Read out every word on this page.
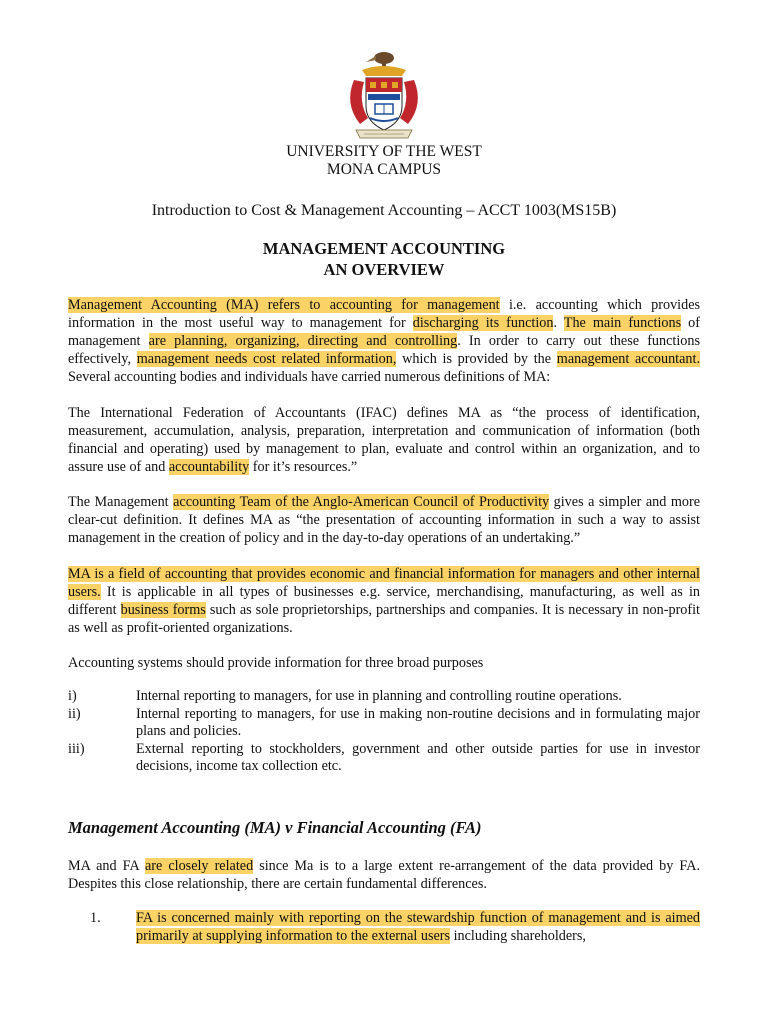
UNIVERSITY OF THE WEST
MONA CAMPUS
Introduction to Cost & Management Accounting – ACCT 1003(MS15B)
MANAGEMENT ACCOUNTING
AN OVERVIEW

Management Accounting (MA) refers to accounting for management i.e. accounting which provides information in the most useful way to management for discharging its function. The main functions of management are planning, organizing, directing and controlling. In order to carry out these functions effectively, management needs cost related information, which is provided by the management accountant. Several accounting bodies and individuals have carried numerous definitions of MA:

The International Federation of Accountants (IFAC) defines MA as “the process of identification, measurement, accumulation, analysis, preparation, interpretation and communication of information (both financial and operating) used by management to plan, evaluate and control within an organization, and to assure use of and accountability for it’s resources.”

The Management accounting Team of the Anglo-American Council of Productivity gives a simpler and more clear-cut definition. It defines MA as “the presentation of accounting information in such a way to assist management in the creation of policy and in the day-to-day operations of an undertaking.”

MA is a field of accounting that provides economic and financial information for managers and other internal users. It is applicable in all types of businesses e.g. service, merchandising, manufacturing, as well as in different business forms such as sole proprietorships, partnerships and companies. It is necessary in non-profit as well as profit-oriented organizations.

Accounting systems should provide information for three broad purposes

i)	Internal reporting to managers, for use in planning and controlling routine operations.
ii)	Internal reporting to managers, for use in making non-routine decisions and in formulating major plans and policies.
iii)	External reporting to stockholders, government and other outside parties for use in investor decisions, income tax collection etc.
Management Accounting (MA) v Financial Accounting (FA)

MA and FA are closely related since Ma is to a large extent re-arrangement of the data provided by FA. Despites this close relationship, there are certain fundamental differences.

1.	FA is concerned mainly with reporting on the stewardship function of management and is aimed primarily at supplying information to the external users including shareholders,
